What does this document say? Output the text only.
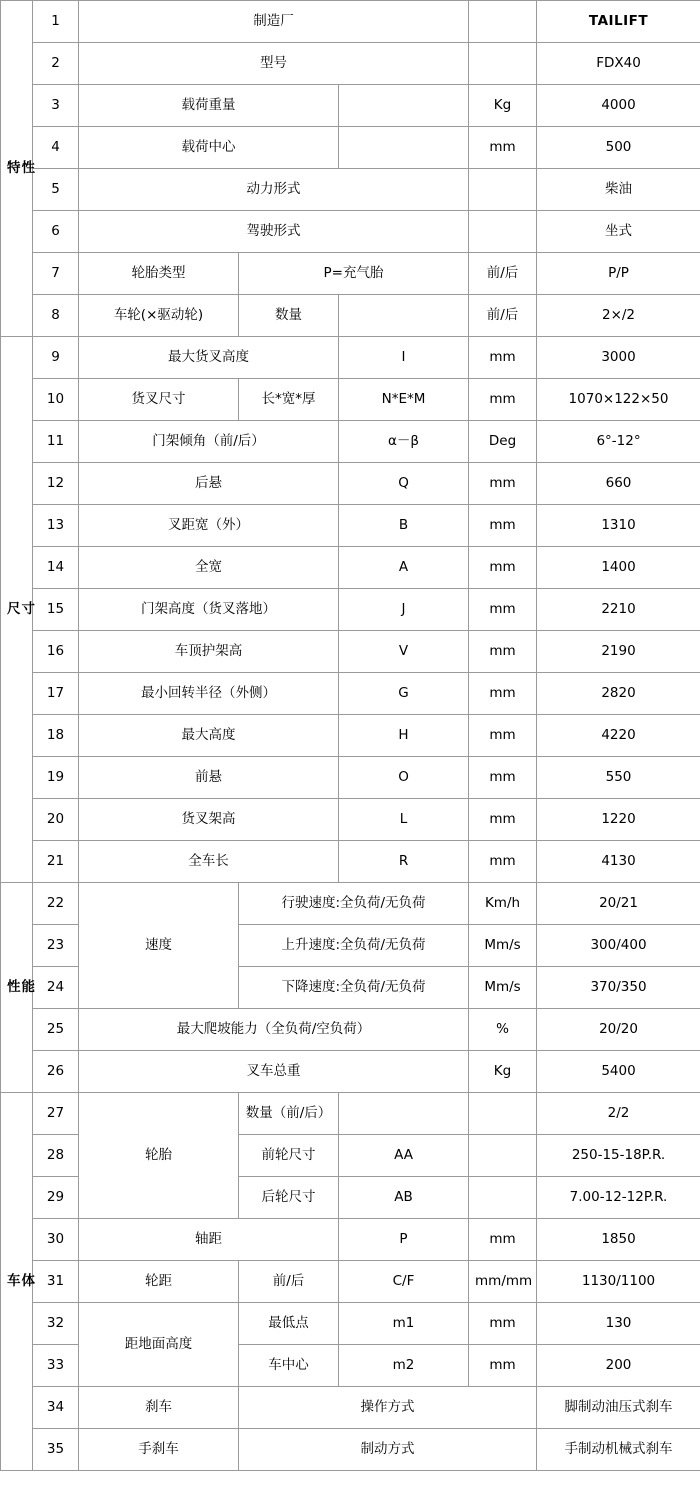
特性	1	制造厂				TAILIFT
	2	型号				FDX40
	3	载荷重量			Kg	4000
	4	载荷中心			mm	500
	5	动力形式				柴油
	6	驾驶形式				坐式
	7	轮胎类型	P=充气胎		前/后	P/P
	8	车轮(×驱动轮)	数量		前/后	2×/2
尺寸	9	最大货叉高度		I	mm	3000
	10	货叉尺寸	长*宽*厚	N*E*M	mm	1070×122×50
	11	门架倾角（前/后）		α－β	Deg	6°-12°
	12	后悬		Q	mm	660
	13	叉距宽（外）		B	mm	1310
	14	全宽		A	mm	1400
	15	门架高度（货叉落地）		J	mm	2210
	16	车顶护架高		V	mm	2190
	17	最小回转半径（外侧）		G	mm	2820
	18	最大高度		H	mm	4220
	19	前悬		O	mm	550
	20	货叉架高		L	mm	1220
	21	全车长		R	mm	4130
性能	22	速度	行驶速度:全负荷/无负荷		Km/h	20/21
	23		上升速度:全负荷/无负荷		Mm/s	300/400
	24		下降速度:全负荷/无负荷		Mm/s	370/350
	25	最大爬坡能力（全负荷/空负荷）			%	20/20
	26	叉车总重			Kg	5400
车体	27	轮胎	数量（前/后）			2/2
	28		前轮尺寸	AA		250-15-18P.R.
	29		后轮尺寸	AB		7.00-12-12P.R.
	30	轴距		P	mm	1850
	31	轮距	前/后	C/F	mm/mm	1130/1100
	32	距地面高度	最低点	m1	mm	130
	33		车中心	m2	mm	200
	34	刹车	操作方式			脚制动油压式刹车
	35	手刹车	制动方式			手制动机械式刹车
